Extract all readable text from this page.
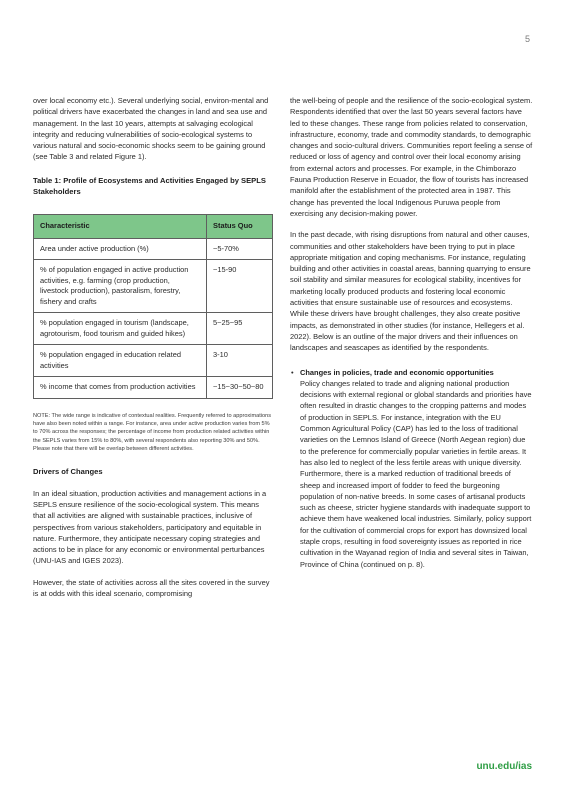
5

over local economy etc.). Several underlying social, environ-mental and political drivers have exacerbated the changes in land and sea use and management. In the last 10 years, attempts at salvaging ecological integrity and reducing vulnerabilities of socio-ecological systems to various natural and socio-economic shocks seem to be gaining ground (see Table 3 and related Figure 1).

Table 1: Profile of Ecosystems and Activities Engaged by SEPLS Stakeholders
Characteristic	Status Quo
Area under active production (%)	~5-70%
% of population engaged in active production activities, e.g. farming (crop production, livestock production), pastoralism, forestry, fishery and crafts	~15-90
% population engaged in tourism (landscape, agrotourism, food tourism and guided hikes)	5~25~95
% population engaged in education related activities	3-10
% income that comes from production activities	~15~30~50~80

NOTE: The wide range is indicative of contextual realities. Frequently referred to approximations have also been noted within a range. For instance, area under active production varies from 5% to 70% across the responses; the percentage of income from production related activities within the SEPLS varies from 15% to 80%, with several respondents also reporting 30% and 50%. Please note that there will be overlap between different activities.

Drivers of Changes

In an ideal situation, production activities and management actions in a SEPLS ensure resilience of the socio-ecological system. This means that all activities are aligned with sustainable practices, inclusive of perspectives from various stakeholders, participatory and equitable in nature. Furthermore, they anticipate necessary coping strategies and actions to be in place for any economic or environmental perturbances (UNU-IAS and IGES 2023).

However, the state of activities across all the sites covered in the survey is at odds with this ideal scenario, compromising

the well-being of people and the resilience of the socio-ecological system. Respondents identified that over the last 50 years several factors have led to these changes. These range from policies related to conservation, infrastructure, economy, trade and commodity standards, to demographic changes and socio-cultural drivers. Communities report feeling a sense of reduced or loss of agency and control over their local economy arising from external actors and processes. For example, in the Chimborazo Fauna Production Reserve in Ecuador, the flow of tourists has increased manifold after the establishment of the protected area in 1987. This change has prevented the local Indigenous Puruwa people from exercising any decision-making power.

In the past decade, with rising disruptions from natural and other causes, communities and other stakeholders have been trying to put in place appropriate mitigation and coping mechanisms. For instance, regulating building and other activities in coastal areas, banning quarrying to ensure soil stability and similar measures for ecological stability, incentives for marketing locally produced products and fostering local economic activities that ensure sustainable use of resources and ecosystems. While these drivers have brought challenges, they also create positive impacts, as demonstrated in other studies (for instance, Hellegers et al. 2022). Below is an outline of the major drivers and their influences on landscapes and seascapes as identified by the respondents.

• Changes in policies, trade and economic opportunities
Policy changes related to trade and aligning national production decisions with external regional or global standards and priorities have often resulted in drastic changes to the cropping patterns and modes of production in SEPLS. For instance, integration with the EU Common Agricultural Policy (CAP) has led to the loss of traditional varieties on the Lemnos Island of Greece (North Aegean region) due to the preference for commercially popular varieties in fertile areas. It has also led to neglect of the less fertile areas with unique diversity. Furthermore, there is a marked reduction of traditional breeds of sheep and increased import of fodder to feed the burgeoning population of non-native breeds. In some cases of artisanal products such as cheese, stricter hygiene standards with inadequate support to achieve them have weakened local industries. Similarly, policy support for the cultivation of commercial crops for export has downsized local staple crops, resulting in food sovereignty issues as reported in rice cultivation in the Wayanad region of India and several sites in Taiwan, Province of China (continued on p. 8).
unu.edu/ias
